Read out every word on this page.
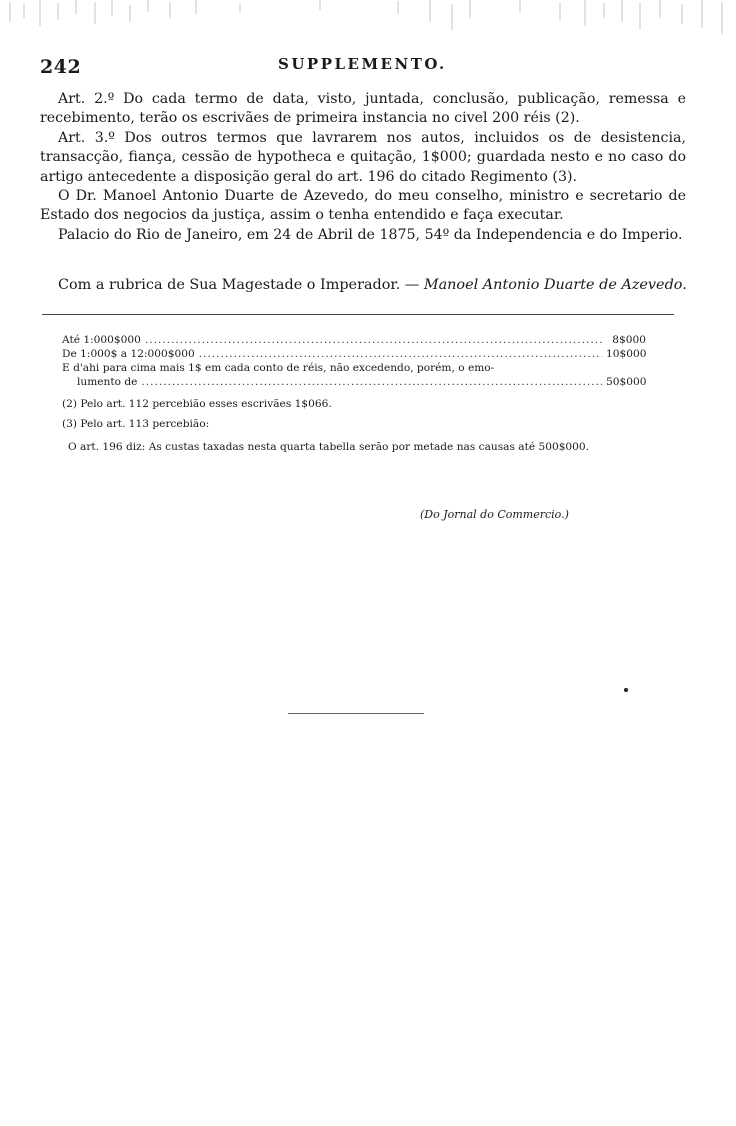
242	SUPPLEMENTO.

Art. 2.º Do cada termo de data, visto, juntada, conclusão, publicação, remessa e recebimento, terão os escrivães de primeira instancia no civel 200 réis (2).

Art. 3.º Dos outros termos que lavrarem nos autos, incluidos os de desistencia, transacção, fiança, cessão de hypotheca e quitação, 1$000; guardada nesto e no caso do artigo antecedente a disposição geral do art. 196 do citado Regimento (3).

O Dr. Manoel Antonio Duarte de Azevedo, do meu conselho, ministro e secretario de Estado dos negocios da justiça, assim o tenha entendido e faça executar.

Palacio do Rio de Janeiro, em 24 de Abril de 1875, 54º da Independencia e do Imperio.

Com a rubrica de Sua Magestade o Imperador. — Manoel Antonio Duarte de Azevedo.
Até 1:000$000 .....	8$000
De 1:000$ a 12:000$000 .....	10$000
E d'ahi para cima mais 1$ em cada conto de réis, não excedendo, porém, o emo-
lumento de .....	50$000
(2) Pelo art. 112 percebião esses escrivães 1$066.
(3) Pelo art. 113 percebião:
O art. 196 diz: As custas taxadas nesta quarta tabella serão por metade nas causas até 500$000.
(Do Jornal do Commercio.)
